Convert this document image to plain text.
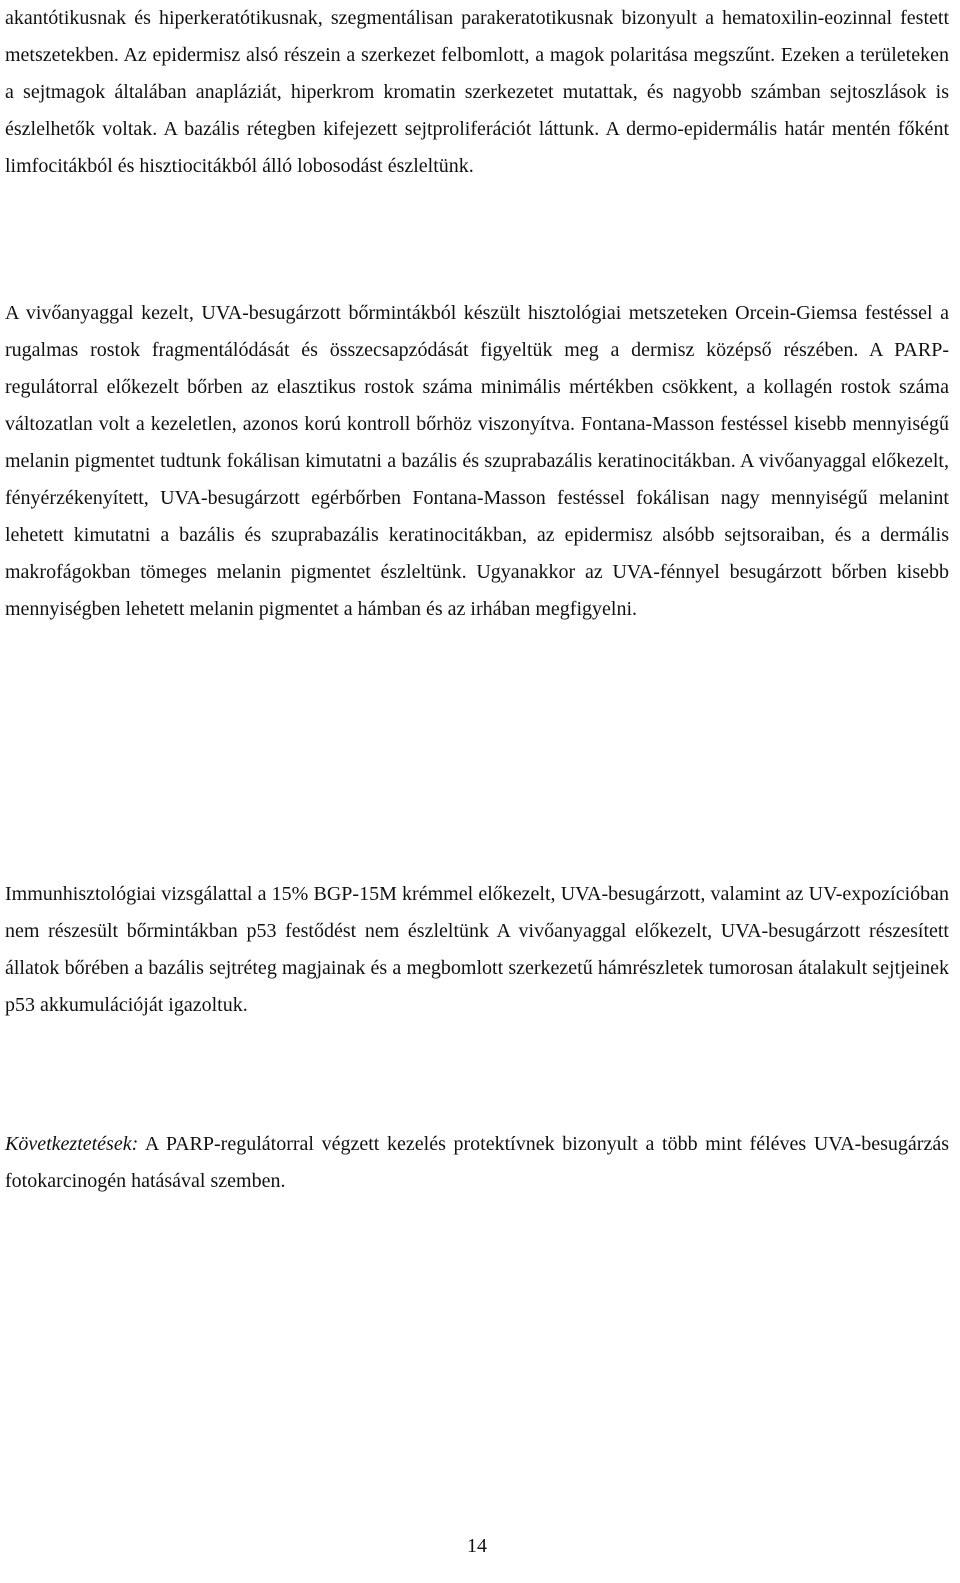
akantótikusnak és hiperkeratótikusnak, szegmentálisan parakeratotikusnak bizonyult a hematoxilin-eozinnal festett metszetekben. Az epidermisz alsó részein a szerkezet felbomlott, a magok polaritása megszűnt. Ezeken a területeken a sejtmagok általában anapláziát, hiperkrom kromatin szerkezetet mutattak, és nagyobb számban sejtoszlások is észlelhetők voltak. A bazális rétegben kifejezett sejtproliferációt láttunk. A dermo-epidermális határ mentén főként limfocitákból és hisztiocitákból álló lobosodást észleltünk.

A vivőanyaggal kezelt, UVA-besugárzott bőrmintákból készült hisztológiai metszeteken Orcein-Giemsa festéssel a rugalmas rostok fragmentálódását és összecsapzódását figyeltük meg a dermisz középső részében. A PARP-regulátorral előkezelt bőrben az elasztikus rostok száma minimális mértékben csökkent, a kollagén rostok száma változatlan volt a kezeletlen, azonos korú kontroll bőrhöz viszonyítva. Fontana-Masson festéssel kisebb mennyiségű melanin pigmentet tudtunk fokálisan kimutatni a bazális és szuprabazális keratinocitákban. A vivőanyaggal előkezelt, fényérzékenyített, UVA-besugárzott egérbőrben Fontana-Masson festéssel fokálisan nagy mennyiségű melanint lehetett kimutatni a bazális és szuprabazális keratinocitákban, az epidermisz alsóbb sejtsoraiban, és a dermális makrofágokban tömeges melanin pigmentet észleltünk. Ugyanakkor az UVA-fénnyel besugárzott bőrben kisebb mennyiségben lehetett melanin pigmentet a hámban és az irhában megfigyelni.

Immunhisztológiai vizsgálattal a 15% BGP-15M krémmel előkezelt, UVA-besugárzott, valamint az UV-expozícióban nem részesült bőrmintákban p53 festődést nem észleltünk A vivőanyaggal előkezelt, UVA-besugárzott részesített állatok bőrében a bazális sejtréteg magjainak és a megbomlott szerkezetű hámrészletek tumorosan átalakult sejtjeinek p53 akkumulációját igazoltuk.

Következtetések: A PARP-regulátorral végzett kezelés protektívnek bizonyult a több mint féléves UVA-besugárzás fotokarcinogén hatásával szemben.

14
